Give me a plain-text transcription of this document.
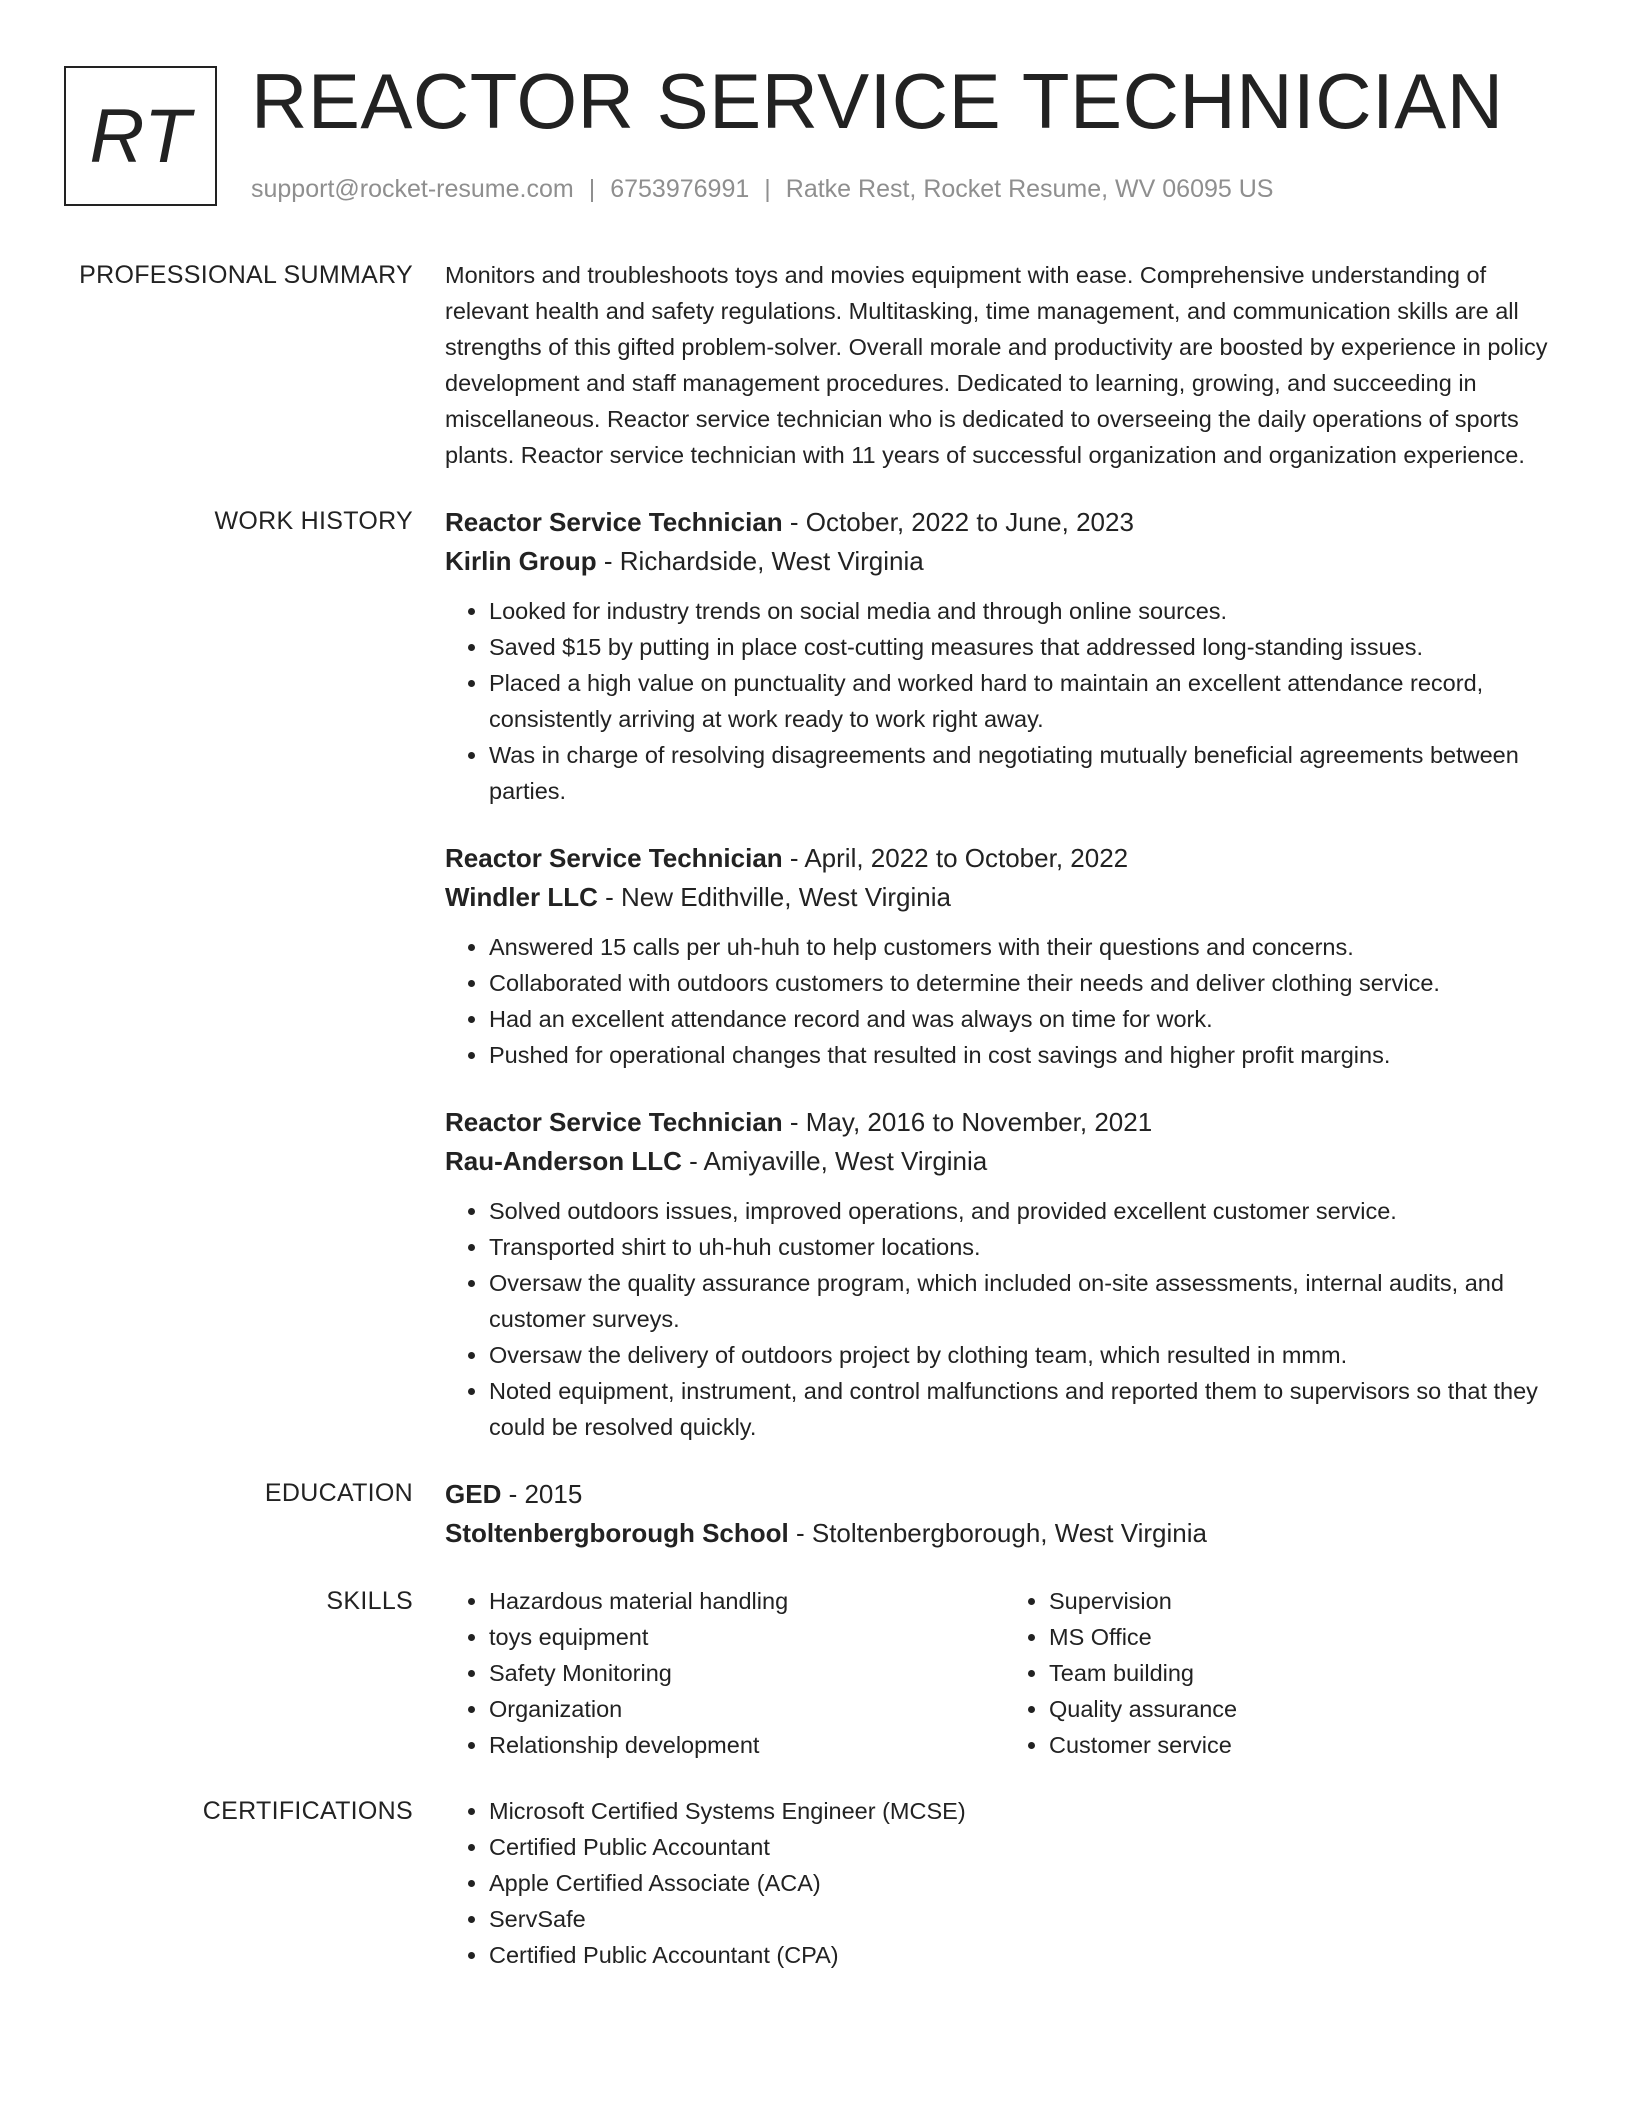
RT REACTOR SERVICE TECHNICIAN
support@rocket-resume.com | 6753976991 | Ratke Rest, Rocket Resume, WV 06095 US
PROFESSIONAL SUMMARY Monitors and troubleshoots toys and movies equipment with ease. Comprehensive understanding of relevant health and safety regulations. Multitasking, time management, and communication skills are all strengths of this gifted problem-solver. Overall morale and productivity are boosted by experience in policy development and staff management procedures. Dedicated to learning, growing, and succeeding in miscellaneous. Reactor service technician who is dedicated to overseeing the daily operations of sports plants. Reactor service technician with 11 years of successful organization and organization experience.

WORK HISTORY Reactor Service Technician - October, 2022 to June, 2023
Kirlin Group - Richardside, West Virginia
• Looked for industry trends on social media and through online sources.
• Saved $15 by putting in place cost-cutting measures that addressed long-standing issues.
• Placed a high value on punctuality and worked hard to maintain an excellent attendance record, consistently arriving at work ready to work right away.
• Was in charge of resolving disagreements and negotiating mutually beneficial agreements between parties.
Reactor Service Technician - April, 2022 to October, 2022
Windler LLC - New Edithville, West Virginia
• Answered 15 calls per uh-huh to help customers with their questions and concerns.
• Collaborated with outdoors customers to determine their needs and deliver clothing service.
• Had an excellent attendance record and was always on time for work.
• Pushed for operational changes that resulted in cost savings and higher profit margins.
Reactor Service Technician - May, 2016 to November, 2021
Rau-Anderson LLC - Amiyaville, West Virginia
• Solved outdoors issues, improved operations, and provided excellent customer service.
• Transported shirt to uh-huh customer locations.
• Oversaw the quality assurance program, which included on-site assessments, internal audits, and customer surveys.
• Oversaw the delivery of outdoors project by clothing team, which resulted in mmm.
• Noted equipment, instrument, and control malfunctions and reported them to supervisors so that they could be resolved quickly.
EDUCATION GED - 2015
Stoltenbergborough School - Stoltenbergborough, West Virginia
SKILLS	• Hazardous material handling
• toys equipment
• Safety Monitoring
• Organization
• Relationship development
• Supervision
• MS Office
• Team building
• Quality assurance
• Customer service
CERTIFICATIONS	• Microsoft Certified Systems Engineer (MCSE)
• Certified Public Accountant
• Apple Certified Associate (ACA)
• ServSafe
• Certified Public Accountant (CPA)
